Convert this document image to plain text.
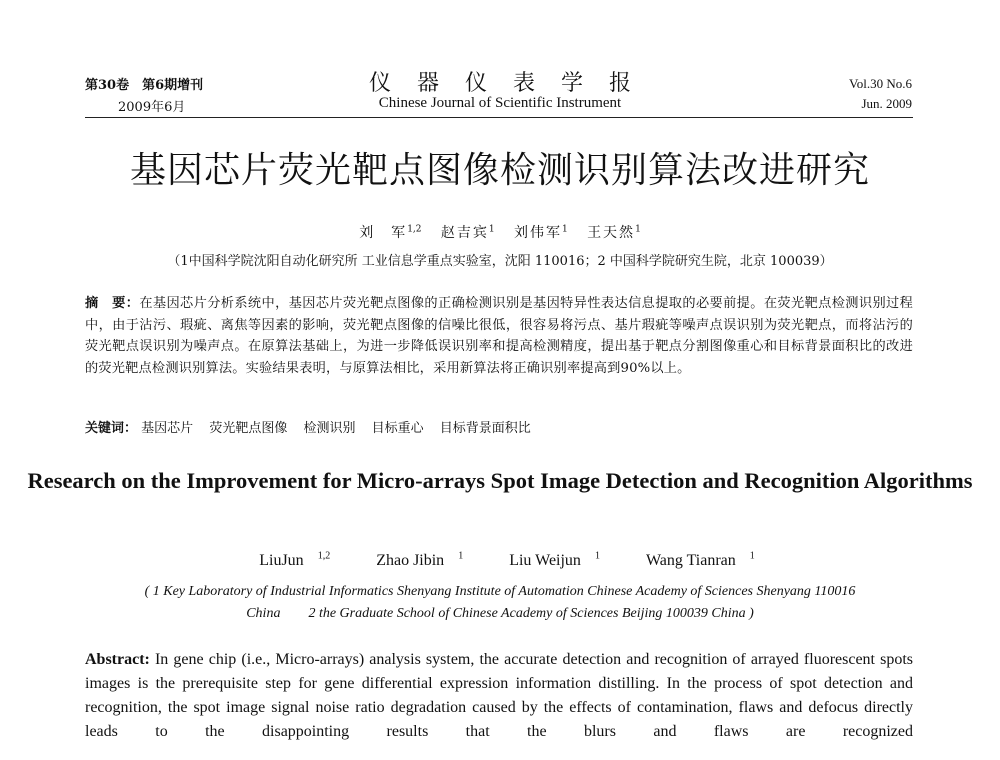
第30卷　第6期增刊
2009年6月
仪器仪表学报
Chinese Journal of Scientific Instrument
Vol.30 No.6
Jun. 2009
基因芯片荧光靶点图像检测识别算法改进研究
刘　军$^{1,2}$ 赵吉宾$^1$ 刘伟军$^1$ 王天然$^1$
（1中国科学院沈阳自动化研究所 工业信息学重点实验室，沈阳 110016；2 中国科学院研究生院，北京 100039）
摘　要：在基因芯片分析系统中，基因芯片荧光靶点图像的正确检测识别是基因特异性表达信息提取的必要前提。在荧光靶点检测识别过程中，由于沾污、瑕疵、离焦等因素的影响，荧光靶点图像的信噪比很低，很容易将污点、基片瑕疵等噪声点误识别为荧光靶点，而将沾污的荧光靶点误识别为噪声点。在原算法基础上，为进一步降低误识别率和提高检测精度，提出基于靶点分割图像重心和目标背景面积比的改进的荧光靶点检测识别算法。实验结果表明，与原算法相比，采用新算法将正确识别率提高到90%以上。
关键词： 基因芯片 荧光靶点图像 检测识别 目标重心 目标背景面积比
Research on the Improvement for Micro-arrays Spot Image Detection and Recognition Algorithms
LiuJun $^{1,2}$	Zhao Jibin $^1$	Liu Weijun $^1$	Wang Tianran $^1$
( 1 Key Laboratory of Industrial Informatics Shenyang Institute of Automation Chinese Academy of Sciences Shenyang 110016
China　　2 the Graduate School of Chinese Academy of Sciences Beijing 100039 China )
Abstract: In gene chip (i.e., Micro-arrays) analysis system, the accurate detection and recognition of arrayed fluorescent spots images is the prerequisite step for gene differential expression information distilling. In the process of spot detection and recognition, the spot image signal noise ratio degradation caused by the effects of contamination, flaws and defocus directly leads to the disappointing results that the blurs and flaws are recognized
